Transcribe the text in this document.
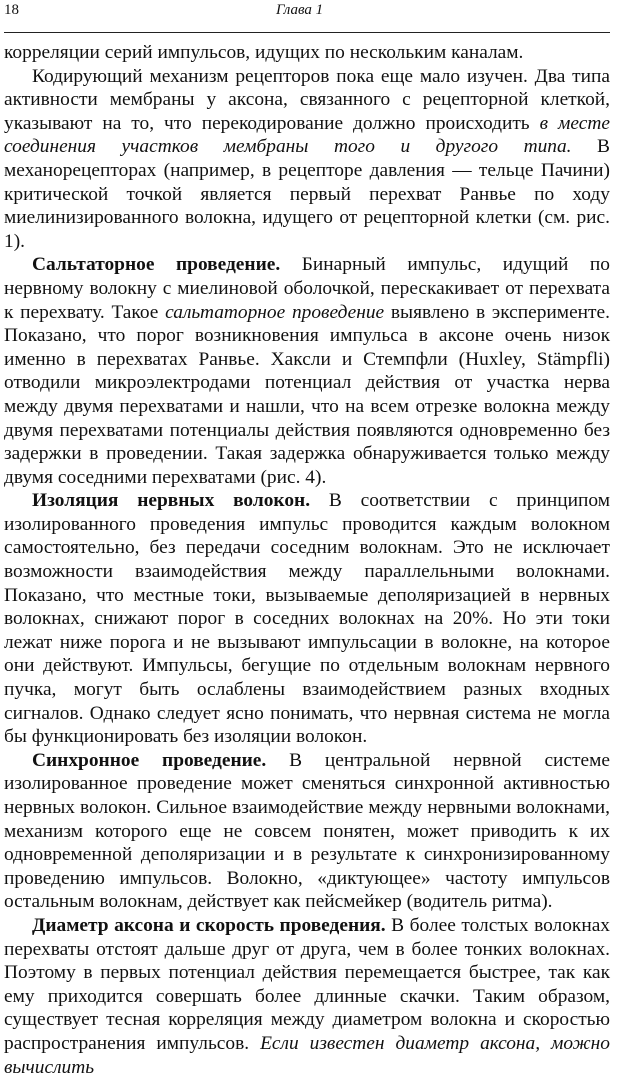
18	Глава 1

корреляции серий импульсов, идущих по нескольким каналам.

Кодирующий механизм рецепторов пока еще мало изучен. Два типа активности мембраны у аксона, связанного с рецепторной клеткой, указывают на то, что перекодирование должно происходить в месте соединения участков мембраны того и другого типа. В механорецепторах (например, в рецепторе давления — тельце Пачини) критической точкой является первый перехват Ранвье по ходу миелинизированного волокна, идущего от рецепторной клетки (см. рис. 1).

Сальтаторное проведение. Бинарный импульс, идущий по нервному волокну с миелиновой оболочкой, перескакивает от перехвата к перехвату. Такое сальтаторное проведение выявлено в эксперименте. Показано, что порог возникновения импульса в аксоне очень низок именно в перехватах Ранвье. Хаксли и Стемпфли (Huxley, Stämpfli) отводили микроэлектродами потенциал действия от участка нерва между двумя перехватами и нашли, что на всем отрезке волокна между двумя перехватами потенциалы действия появляются одновременно без задержки в проведении. Такая задержка обнаруживается только между двумя соседними перехватами (рис. 4).

Изоляция нервных волокон. В соответствии с принципом изолированного проведения импульс проводится каждым волокном самостоятельно, без передачи соседним волокнам. Это не исключает возможности взаимодействия между параллельными волокнами. Показано, что местные токи, вызываемые деполяризацией в нервных волокнах, снижают порог в соседних волокнах на 20%. Но эти токи лежат ниже порога и не вызывают импульсации в волокне, на которое они действуют. Импульсы, бегущие по отдельным волокнам нервного пучка, могут быть ослаблены взаимодействием разных входных сигналов. Однако следует ясно понимать, что нервная система не могла бы функционировать без изоляции волокон.

Синхронное проведение. В центральной нервной системе изолированное проведение может сменяться синхронной активностью нервных волокон. Сильное взаимодействие между нервными волокнами, механизм которого еще не совсем понятен, может приводить к их одновременной деполяризации и в результате к синхронизированному проведению импульсов. Волокно, «диктующее» частоту импульсов остальным волокнам, действует как пейсмейкер (водитель ритма).

Диаметр аксона и скорость проведения. В более толстых волокнах перехваты отстоят дальше друг от друга, чем в более тонких волокнах. Поэтому в первых потенциал действия перемещается быстрее, так как ему приходится совершать более длинные скачки. Таким образом, существует тесная корреляция между диаметром волокна и скоростью распространения импульсов. Если известен диаметр аксона, можно вычислить
